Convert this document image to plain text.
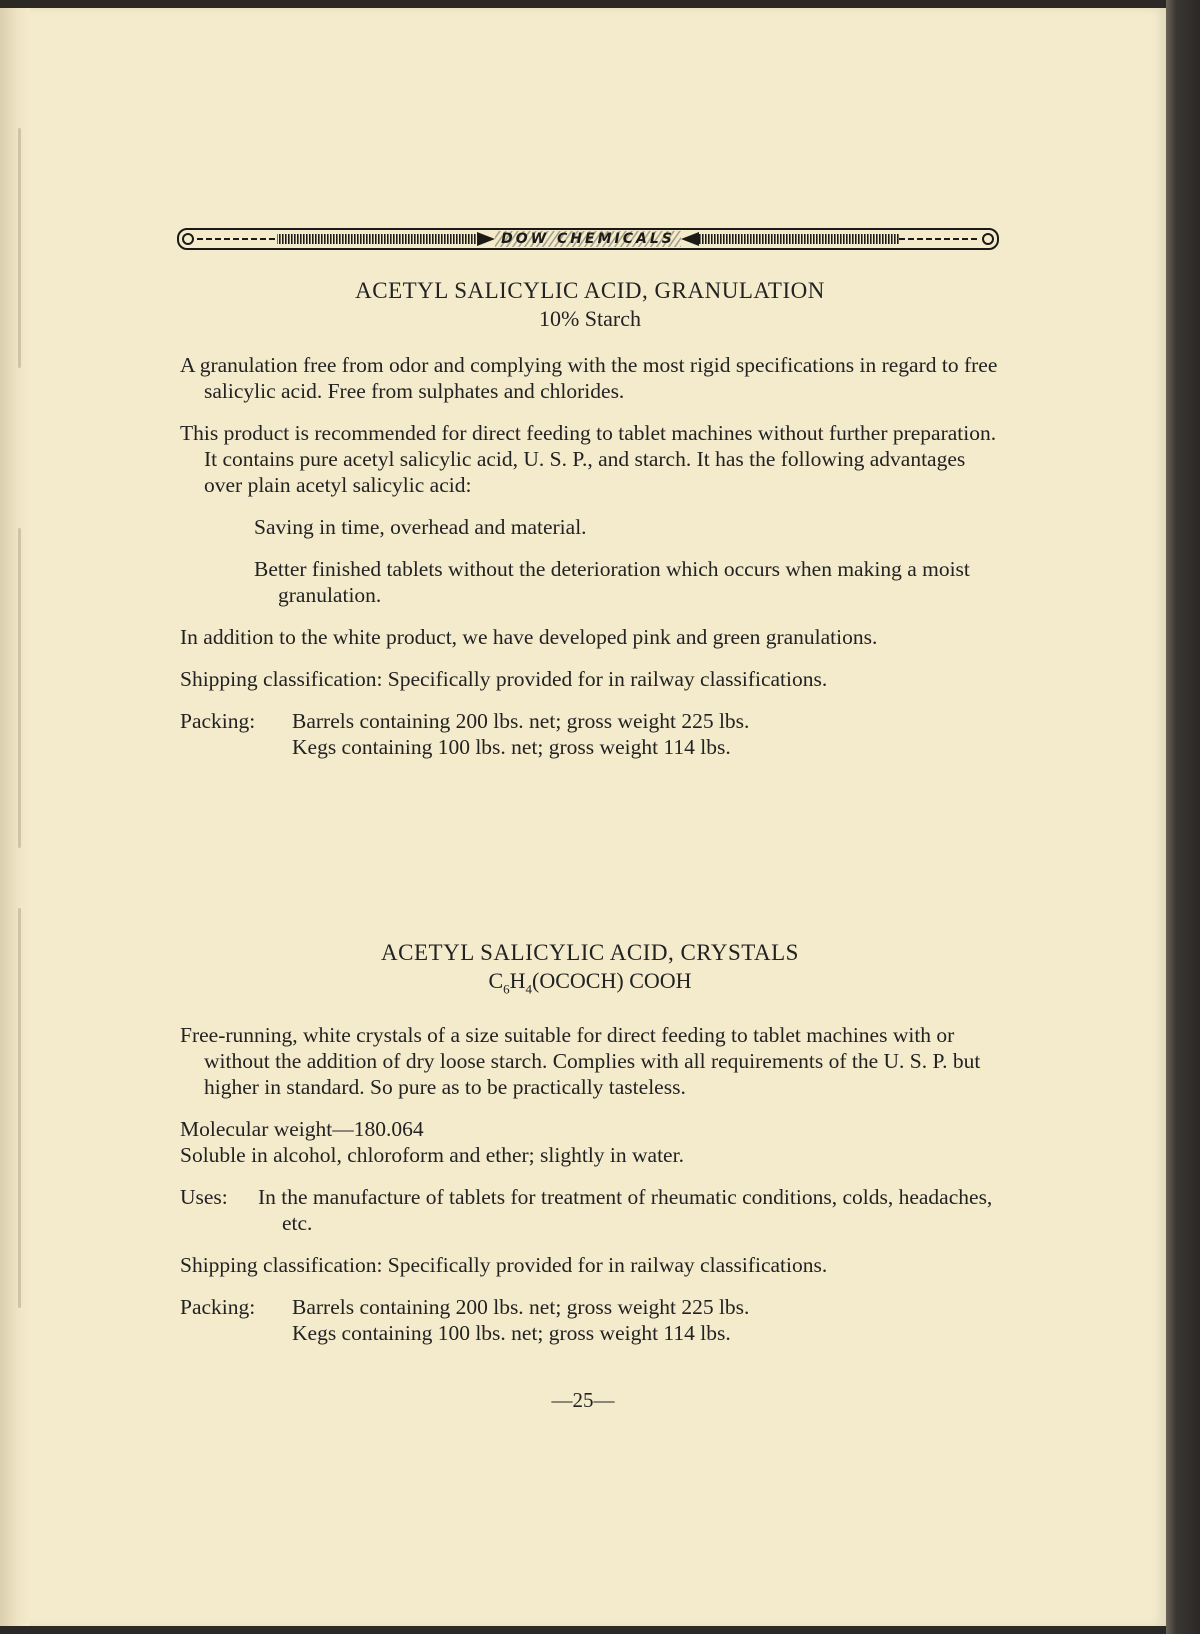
DOW CHEMICALS
ACETYL SALICYLIC ACID, GRANULATION
10% Starch

A granulation free from odor and complying with the most rigid specifications in regard to free salicylic acid. Free from sulphates and chlorides.

This product is recommended for direct feeding to tablet machines without further preparation. It contains pure acetyl salicylic acid, U. S. P., and starch. It has the following advantages over plain acetyl salicylic acid:

Saving in time, overhead and material.

Better finished tablets without the deterioration which occurs when making a moist granulation.

In addition to the white product, we have developed pink and green granulations.

Shipping classification: Specifically provided for in railway classifications.

Packing:	Barrels containing 200 lbs. net; gross weight 225 lbs.
Kegs containing 100 lbs. net; gross weight 114 lbs.
ACETYL SALICYLIC ACID, CRYSTALS
$C_6H_4(OCOCH)$ COOH

Free-running, white crystals of a size suitable for direct feeding to tablet machines with or without the addition of dry loose starch. Complies with all requirements of the U. S. P. but higher in standard. So pure as to be practically tasteless.

Molecular weight—180.064

Soluble in alcohol, chloroform and ether; slightly in water.

Uses:	In the manufacture of tablets for treatment of rheumatic conditions, colds, headaches, etc.

Shipping classification: Specifically provided for in railway classifications.

Packing:	Barrels containing 200 lbs. net; gross weight 225 lbs.
Kegs containing 100 lbs. net; gross weight 114 lbs.
—25—
